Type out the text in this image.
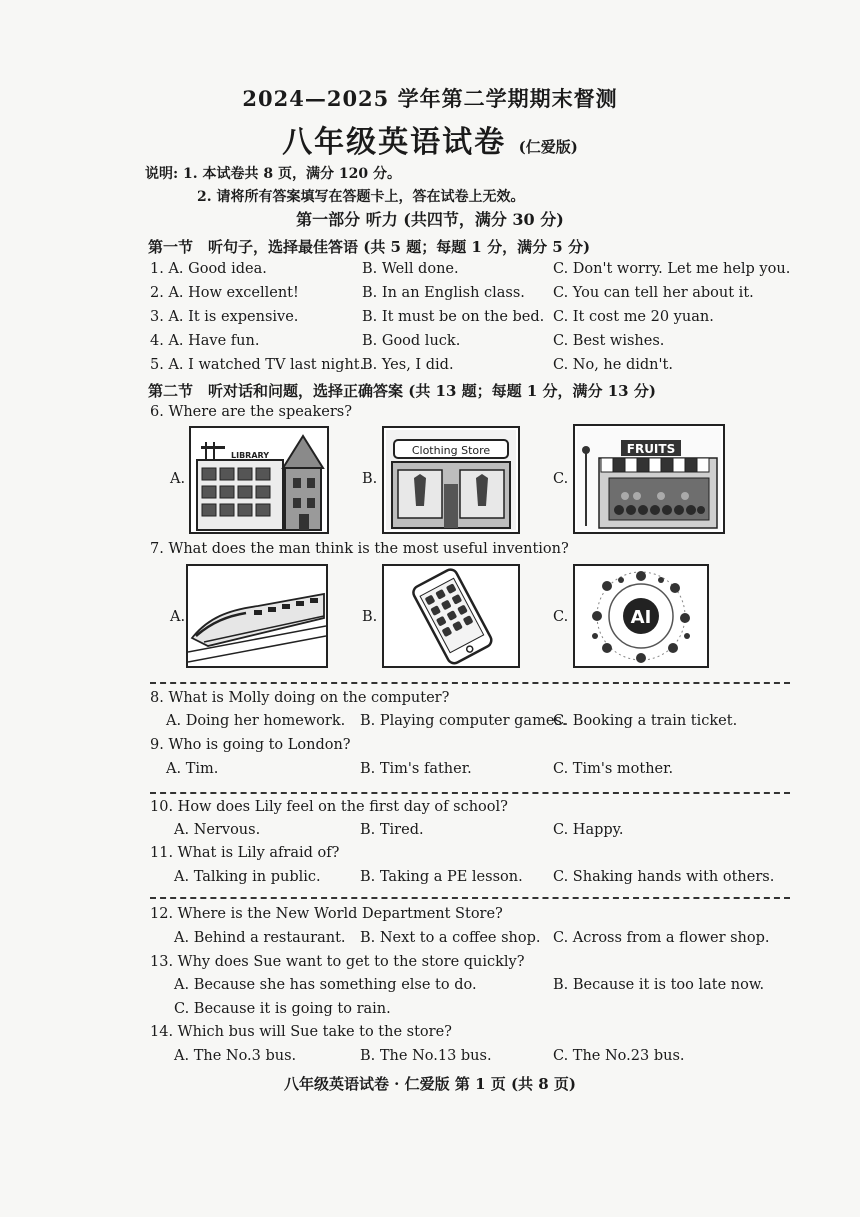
2024—2025 学年第二学期期末督测
八年级英语试卷 (仁爱版)
说明: 1. 本试卷共 8 页，满分 120 分。
2. 请将所有答案填写在答题卡上，答在试卷上无效。
第一部分 听力 (共四节，满分 30 分)
第一节　听句子，选择最佳答语 (共 5 题；每题 1 分，满分 5 分)
1. A. Good idea.	B. Well done.	C. Don't worry. Let me help you.
2. A. How excellent!	B. In an English class. C. You can tell her about it.
3. A. It is expensive.	B. It must be on the bed. C. It cost me 20 yuan.
4. A. Have fun.	B. Good luck.	C. Best wishes.
5. A. I watched TV last night.
B. Yes, I did.	C. No, he didn't.
第二节　听对话和问题，选择正确答案 (共 13 题；每题 1 分，满分 13 分)
6. Where are the speakers?
A.	B.	C.
LIBRARY	Clothing Store	FRUITS
7. What does the man think is the most useful invention?
A.	B.	C.	AI
8. What is Molly doing on the computer?
A. Doing her homework. B. Playing computer games.
C. Booking a train ticket.
9. Who is going to London?
A. Tim.	B. Tim's father.	C. Tim's mother.
10. How does Lily feel on the first day of school?
A. Nervous.	B. Tired.	C. Happy.
11. What is Lily afraid of?
A. Talking in public.	B. Taking a PE lesson. C. Shaking hands with others.
12. Where is the New World Department Store?
A. Behind a restaurant. B. Next to a coffee shop. C. Across from a flower shop.
13. Why does Sue want to get to the store quickly?
A. Because she has something else to do.	B. Because it is too late now.
C. Because it is going to rain.
14. Which bus will Sue take to the store?
A. The No.3 bus.	B. The No.13 bus.	C. The No.23 bus.
八年级英语试卷 · 仁爱版 第 1 页 (共 8 页)
